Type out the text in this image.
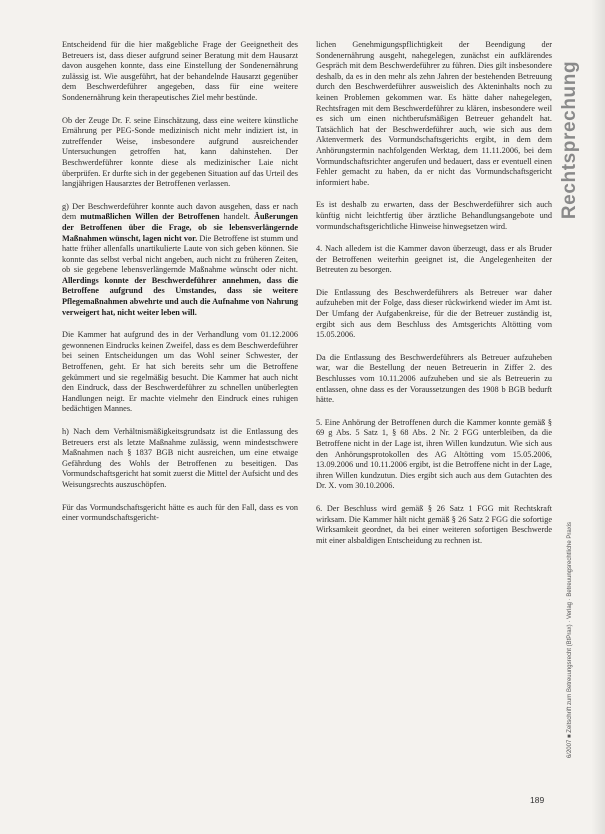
Entscheidend für die hier maßgebliche Frage der Geeignetheit des Betreuers ist, dass dieser aufgrund seiner Beratung mit dem Hausarzt davon ausgehen konnte, dass eine Einstellung der Sondenernährung zulässig ist. Wie ausgeführt, hat der behandelnde Hausarzt gegenüber dem Beschwerdeführer angegeben, dass für eine weitere Sondenernährung kein therapeutisches Ziel mehr bestünde.

Ob der Zeuge Dr. F. seine Einschätzung, dass eine weitere künstliche Ernährung per PEG-Sonde medizinisch nicht mehr indiziert ist, in zutreffender Weise, insbesondere aufgrund ausreichender Untersuchungen getroffen hat, kann dahinstehen. Der Beschwerdeführer konnte diese als medizinischer Laie nicht überprüfen. Er durfte sich in der gegebenen Situation auf das Urteil des langjährigen Hausarztes der Betroffenen verlassen.

g) Der Beschwerdeführer konnte auch davon ausgehen, dass er nach dem mutmaßlichen Willen der Betroffenen handelt. Äußerungen der Betroffenen über die Frage, ob sie lebensverlängernde Maßnahmen wünscht, lagen nicht vor. Die Betroffene ist stumm und hatte früher allenfalls unartikulierte Laute von sich geben können. Sie konnte das selbst verbal nicht angeben, auch nicht zu früheren Zeiten, ob sie gegebene lebensverlängernde Maßnahme wünscht oder nicht. Allerdings konnte der Beschwerdeführer annehmen, dass die Betroffene aufgrund des Umstandes, dass sie weitere Pflegemaßnahmen abwehrte und auch die Aufnahme von Nahrung verweigert hat, nicht weiter leben will.

Die Kammer hat aufgrund des in der Verhandlung vom 01.12.2006 gewonnenen Eindrucks keinen Zweifel, dass es dem Beschwerdeführer bei seinen Entscheidungen um das Wohl seiner Schwester, der Betroffenen, geht. Er hat sich bereits sehr um die Betroffene gekümmert und sie regelmäßig besucht. Die Kammer hat auch nicht den Eindruck, dass der Beschwerdeführer zu schnellen unüberlegten Handlungen neigt. Er machte vielmehr den Eindruck eines ruhigen bedächtigen Mannes.

h) Nach dem Verhältnismäßigkeitsgrundsatz ist die Entlassung des Betreuers erst als letzte Maßnahme zulässig, wenn mindestschwere Maßnahmen nach § 1837 BGB nicht ausreichen, um eine etwaige Gefährdung des Wohls der Betroffenen zu beseitigen. Das Vormundschaftsgericht hat somit zuerst die Mittel der Aufsicht und des Weisungsrechts auszuschöpfen.

Für das Vormundschaftsgericht hätte es auch für den Fall, dass es von einer vormundschaftsgericht-

lichen Genehmigungspflichtigkeit der Beendigung der Sondenernährung ausgeht, nahegelegen, zunächst ein aufklärendes Gespräch mit dem Beschwerdeführer zu führen. Dies gilt insbesondere deshalb, da es in den mehr als zehn Jahren der bestehenden Betreuung durch den Beschwerdeführer ausweislich des Akteninhalts noch zu keinen Problemen gekommen war. Es hätte daher nahegelegen, Rechtsfragen mit dem Beschwerdeführer zu klären, insbesondere weil es sich um einen nichtberufsmäßigen Betreuer gehandelt hat. Tatsächlich hat der Beschwerdeführer auch, wie sich aus dem Aktenvermerk des Vormundschaftsgerichts ergibt, in dem dem Anhörungstermin nachfolgenden Werktag, dem 11.11.2006, bei dem Vormundschaftsrichter angerufen und bedauert, dass er eventuell einen Fehler gemacht zu haben, da er nicht das Vormundschaftsgericht informiert habe.

Es ist deshalb zu erwarten, dass der Beschwerdeführer sich auch künftig nicht leichtfertig über ärztliche Behandlungsangebote und vormundschaftsgerichtliche Hinweise hinwegsetzen wird.

4. Nach alledem ist die Kammer davon überzeugt, dass er als Bruder der Betroffenen weiterhin geeignet ist, die Angelegenheiten der Betreuten zu besorgen.

Die Entlassung des Beschwerdeführers als Betreuer war daher aufzuheben mit der Folge, dass dieser rückwirkend wieder im Amt ist. Der Umfang der Aufgabenkreise, für die der Betreuer zuständig ist, ergibt sich aus dem Beschluss des Amtsgerichts Altötting vom 15.05.2006.

Da die Entlassung des Beschwerdeführers als Betreuer aufzuheben war, war die Bestellung der neuen Betreuerin in Ziffer 2. des Beschlusses vom 10.11.2006 aufzuheben und sie als Betreuerin zu entlassen, ohne dass es der Voraussetzungen des 1908 b BGB bedurft hätte.

5. Eine Anhörung der Betroffenen durch die Kammer konnte gemäß § 69 g Abs. 5 Satz 1, § 68 Abs. 2 Nr. 2 FGG unterbleiben, da die Betroffene nicht in der Lage ist, ihren Willen kundzutun. Wie sich aus den Anhörungsprotokollen des AG Altötting vom 15.05.2006, 13.09.2006 und 10.11.2006 ergibt, ist die Betroffene nicht in der Lage, ihren Willen kundzutun. Dies ergibt sich auch aus dem Gutachten des Dr. X. vom 30.10.2006.

6. Der Beschluss wird gemäß § 26 Satz 1 FGG mit Rechtskraft wirksam. Die Kammer hält nicht gemäß § 26 Satz 2 FGG die sofortige Wirksamkeit geordnet, da bei einer weiteren sofortigen Beschwerde mit einer alsbaldigen Entscheidung zu rechnen ist.

Rechtsprechung
6/2007 ■ Zeitschrift zum Betreuungsrecht (BtPrax) · Verlag · Betreuungsrechtliche Praxis
189
